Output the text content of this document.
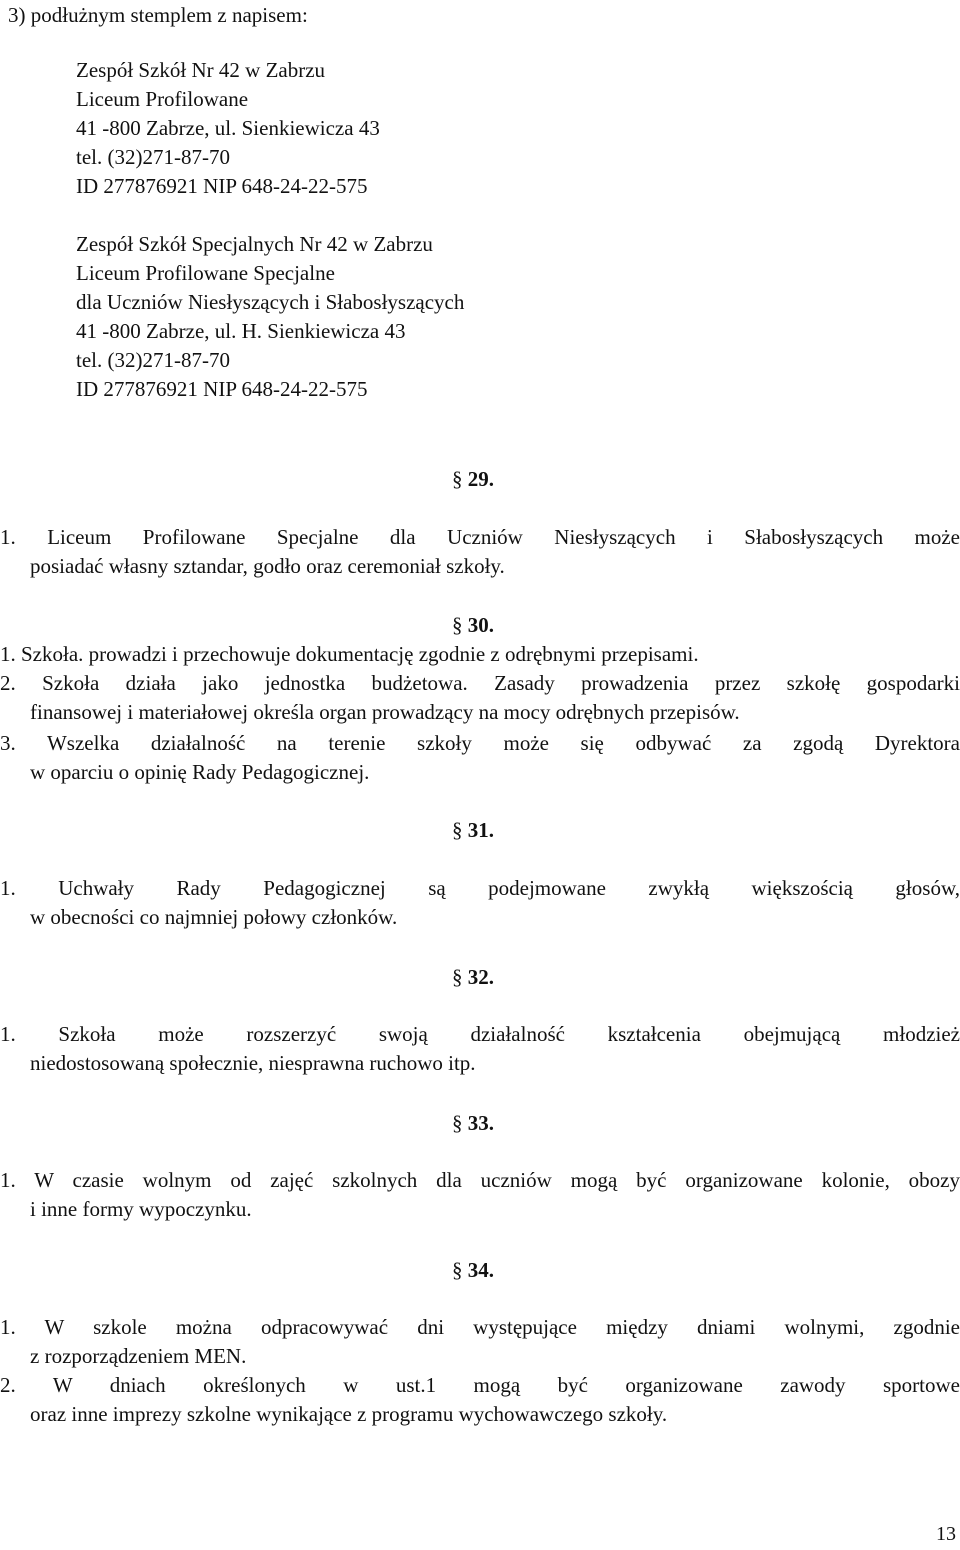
3) podłużnym stemplem z napisem:
Zespół Szkół Nr 42 w Zabrzu
Liceum Profilowane
41 -800 Zabrze, ul. Sienkiewicza 43
tel. (32)271-87-70
ID 277876921 NIP 648-24-22-575
Zespół Szkół Specjalnych Nr 42 w Zabrzu
Liceum Profilowane Specjalne
dla Uczniów Niesłyszących i Słabosłyszących
41 -800 Zabrze, ul. H. Sienkiewicza 43
tel. (32)271-87-70
ID 277876921 NIP 648-24-22-575
§ 29.
1. Liceum Profilowane Specjalne dla Uczniów Niesłyszących i Słabosłyszących może
posiadać własny sztandar, godło oraz ceremoniał szkoły.
§ 30.
1. Szkoła. prowadzi i przechowuje dokumentację zgodnie z odrębnymi przepisami.
2. Szkoła działa jako jednostka budżetowa. Zasady prowadzenia przez szkołę gospodarki
finansowej i materiałowej określa organ prowadzący na mocy odrębnych przepisów.
3. Wszelka działalność na terenie szkoły może się odbywać za zgodą Dyrektora
w oparciu o opinię Rady Pedagogicznej.
§ 31.
1. Uchwały Rady Pedagogicznej są podejmowane zwykłą większością głosów,
w obecności co najmniej połowy członków.
§ 32.
1. Szkoła może rozszerzyć swoją działalność kształcenia obejmującą młodzież
niedostosowaną społecznie, niesprawna ruchowo itp.
§ 33.
1. W czasie wolnym od zajęć szkolnych dla uczniów mogą być organizowane kolonie, obozy
i inne formy wypoczynku.
§ 34.
1. W szkole można odpracowywać dni występujące między dniami wolnymi, zgodnie
z rozporządzeniem MEN.
2. W dniach określonych w ust.1 mogą być organizowane zawody sportowe
oraz inne imprezy szkolne wynikające z programu wychowawczego szkoły.
13
